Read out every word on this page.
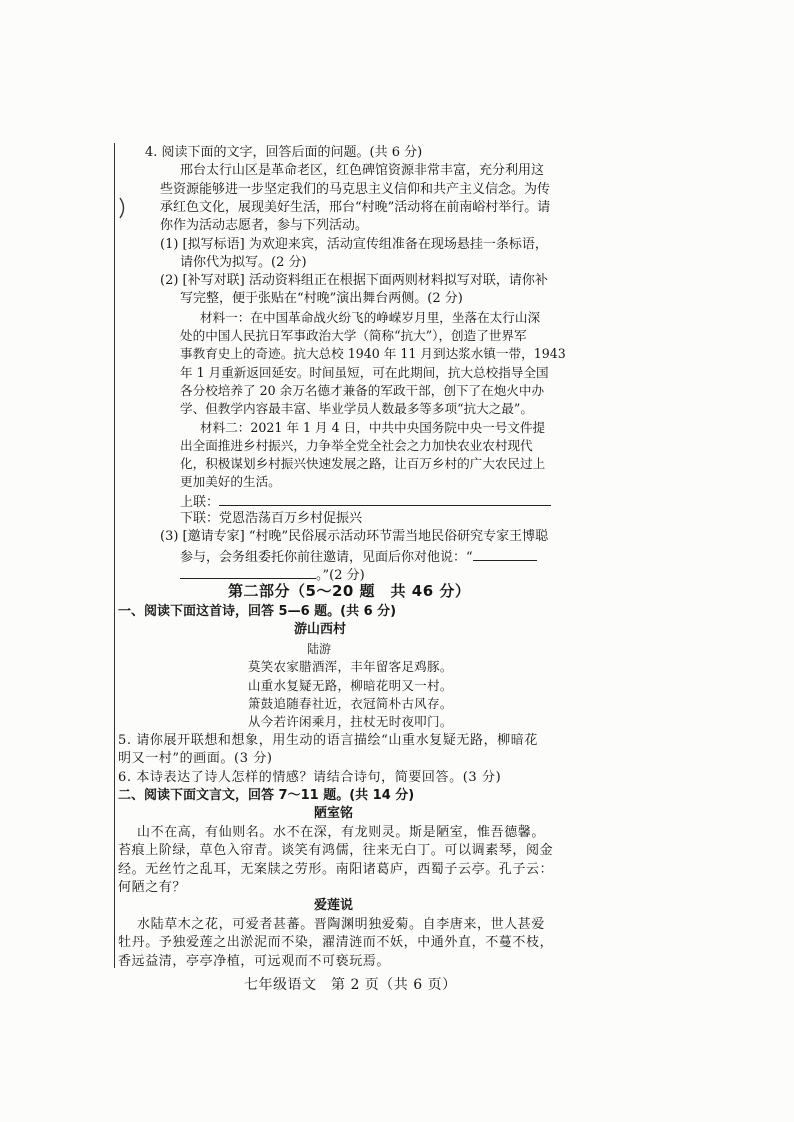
4. 阅读下面的文字，回答后面的问题。(共 6 分)
邢台太行山区是革命老区，红色碑馆资源非常丰富，充分利用这
些资源能够进一步坚定我们的马克思主义信仰和共产主义信念。为传
承红色文化，展现美好生活，邢台“村晚”活动将在前南峪村举行。请
你作为活动志愿者，参与下列活动。
(1) [拟写标语] 为欢迎来宾，活动宣传组准备在现场悬挂一条标语，
请你代为拟写。(2 分)
(2) [补写对联] 活动资料组正在根据下面两则材料拟写对联，请你补
写完整，便于张贴在“村晚”演出舞台两侧。(2 分)
材料一：在中国革命战火纷飞的峥嵘岁月里，坐落在太行山深
处的中国人民抗日军事政治大学（简称“抗大”），创造了世界军
事教育史上的奇迹。抗大总校 1940 年 11 月到达浆水镇一带，1943
年 1 月重新返回延安。时间虽短，可在此期间，抗大总校指导全国
各分校培养了 20 余万名德才兼备的军政干部，创下了在炮火中办
学、但教学内容最丰富、毕业学员人数最多等多项“抗大之最”。
材料二：2021 年 1 月 4 日，中共中央国务院中央一号文件提
出全面推进乡村振兴，力争举全党全社会之力加快农业农村现代
化，积极谋划乡村振兴快速发展之路，让百万乡村的广大农民过上
更加美好的生活。
上联：
下联：党恩浩荡百万乡村促振兴
(3) [邀请专家] “村晚”民俗展示活动环节需当地民俗研究专家王博聪
参与，会务组委托你前往邀请，见面后你对他说：“
。”(2 分)
第二部分（5～20 题　共 46 分）
一、阅读下面这首诗，回答 5—6 题。(共 6 分)
游山西村
陆游
莫笑农家腊酒浑，丰年留客足鸡豚。
山重水复疑无路，柳暗花明又一村。
箫鼓追随春社近，衣冠简朴古风存。
从今若许闲乘月，拄杖无时夜叩门。
5. 请你展开联想和想象，用生动的语言描绘“山重水复疑无路，柳暗花
明又一村”的画面。(3 分)
6. 本诗表达了诗人怎样的情感？请结合诗句，简要回答。(3 分)
二、阅读下面文言文，回答 7～11 题。(共 14 分)
陋室铭
山不在高，有仙则名。水不在深，有龙则灵。斯是陋室，惟吾德馨。
苔痕上阶绿，草色入帘青。谈笑有鸿儒，往来无白丁。可以调素琴，阅金
经。无丝竹之乱耳，无案牍之劳形。南阳诸葛庐，西蜀子云亭。孔子云：
何陋之有？
爱莲说
水陆草木之花，可爱者甚蕃。晋陶渊明独爱菊。自李唐来，世人甚爱
牡丹。予独爱莲之出淤泥而不染，濯清涟而不妖，中通外直，不蔓不枝，
香远益清，亭亭净植，可远观而不可亵玩焉。
七年级语文　第 2 页（共 6 页）
